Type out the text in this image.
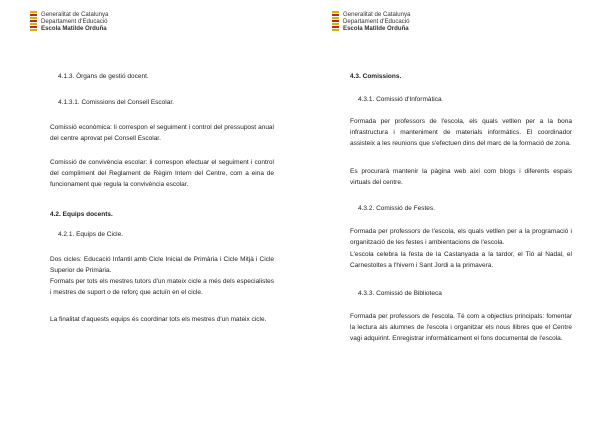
Generalitat de Catalunya
Departament d'Educació
Escola Matilde Orduña

4.1.3. Òrgans de gestió docent.

4.1.3.1. Comissions del Consell Escolar.

Comissió econòmica: li correspon el seguiment i control del pressupost anual del centre aprovat pel Consell Escolar.

Comissió de convivència escolar: li correspon efectuar el seguiment i control del compliment del Reglament de Règim Intern del Centre, com a eina de funcionament que regula la convivència escolar.

4.2. Equips docents.

4.2.1. Equips de Cicle.

Dos cicles: Educació Infantil amb Cicle Inicial de Primària i Cicle Mitjà i Cicle Superior de Primària.

Formats per tots els mestres tutors d'un mateix cicle a més dels especialistes i mestres de suport o de reforç que actuïn en el cicle.

La finalitat d'aquests equips és coordinar tots els mestres d'un mateix cicle.

Generalitat de Catalunya
Departament d'Educació
Escola Matilde Orduña

4.3. Comissions.

4.3.1. Comissió d'Informàtica

Formada per professors de l'escola, els quals vetllen per a la bona infrastructura i manteniment de materials informàtics. El coordinador assisteix a les reunions que s'efectuen dins del marc de la formació de zona.

Es procurarà mantenir la pàgina web així com blogs i diferents espais virtuals del centre.

4.3.2. Comissió de Festes.

Formada per professors de l'escola, els quals vetllen per a la programació i organització de les festes i ambientacions de l'escola.

L'escola celebra la festa de la Castanyada a la tardor, el Tió al Nadal, el Carnestoltes a l'hivern i Sant Jordi a la primavera.

4.3.3. Comissió de Biblioteca

Formada per professors de l'escola. Té com a objectius principals: fomentar la lectura als alumnes de l'escola i organitzar els nous llibres que el Centre vagi adquirint. Enregistrar informàticament el fons documental de l'escola.
